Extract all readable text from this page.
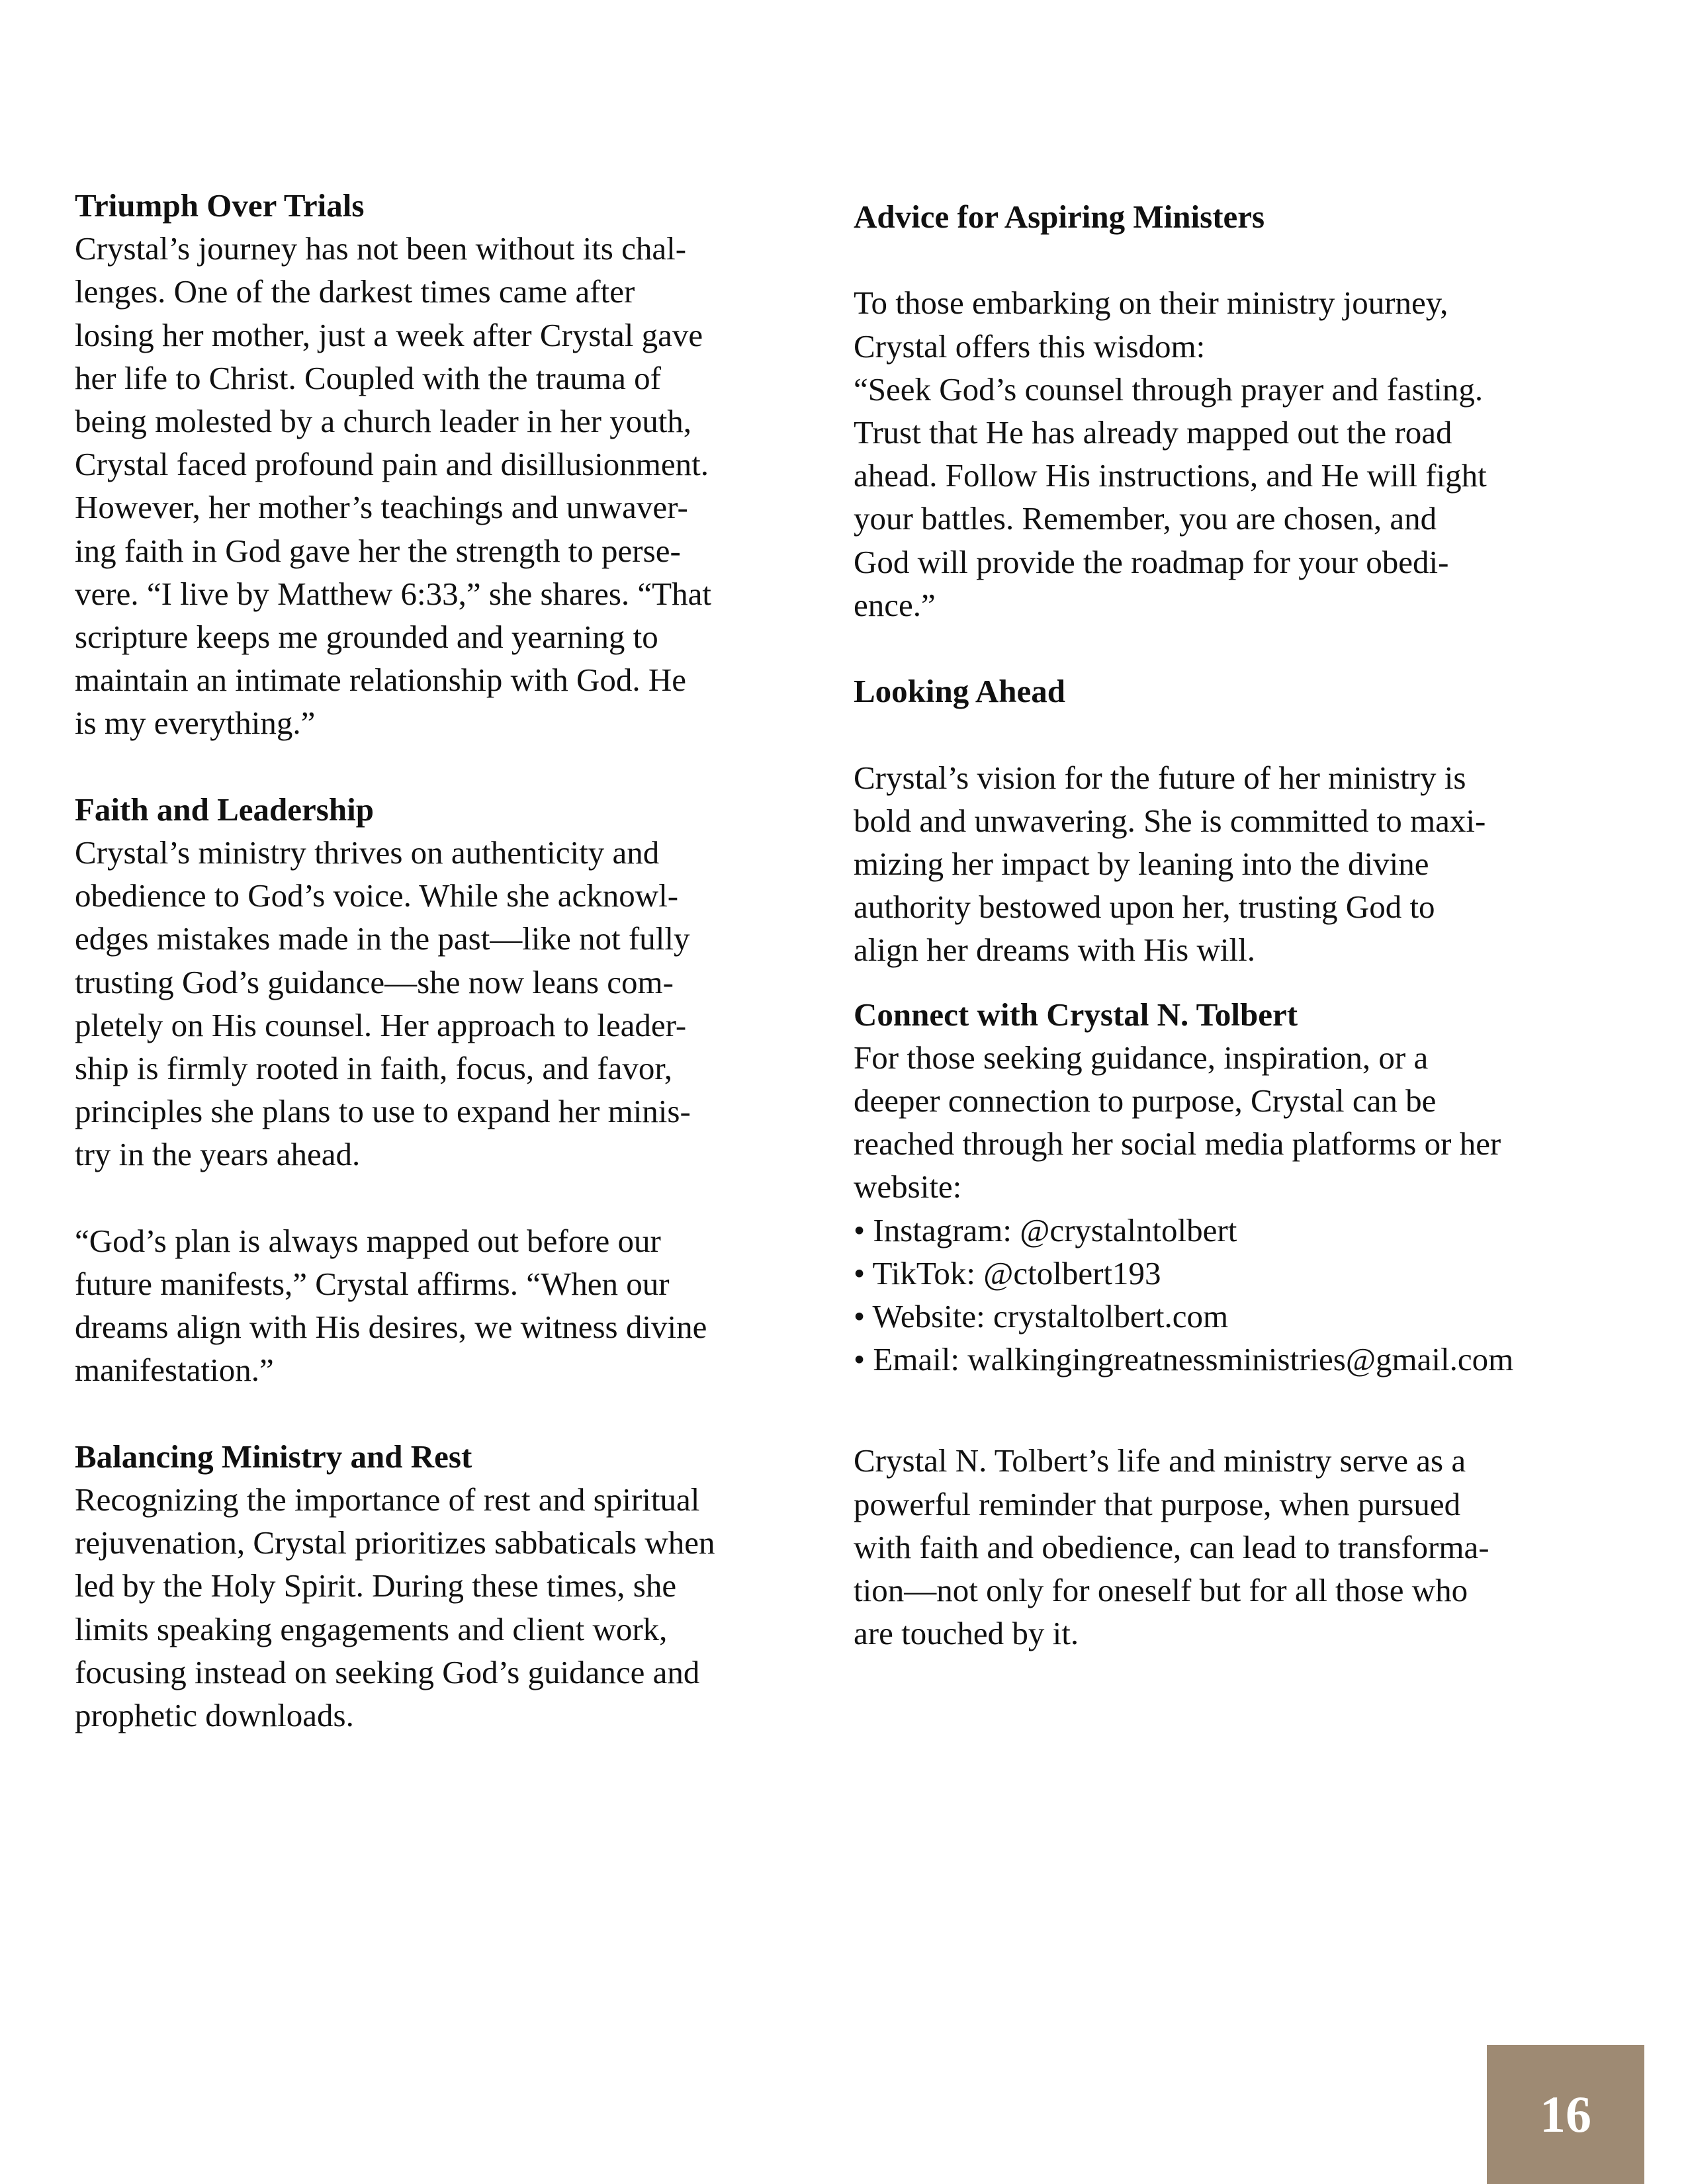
Triumph Over Trials

Crystal’s journey has not been without its chal-
lenges. One of the darkest times came after
losing her mother, just a week after Crystal gave
her life to Christ. Coupled with the trauma of
being molested by a church leader in her youth,
Crystal faced profound pain and disillusionment.
However, her mother’s teachings and unwaver-
ing faith in God gave her the strength to perse-
vere. “I live by Matthew 6:33,” she shares. “That
scripture keeps me grounded and yearning to
maintain an intimate relationship with God. He
is my everything.”

Faith and Leadership

Crystal’s ministry thrives on authenticity and
obedience to God’s voice. While she acknowl-
edges mistakes made in the past—like not fully
trusting God’s guidance—she now leans com-
pletely on His counsel. Her approach to leader-
ship is firmly rooted in faith, focus, and favor,
principles she plans to use to expand her minis-
try in the years ahead.

“God’s plan is always mapped out before our
future manifests,” Crystal affirms. “When our
dreams align with His desires, we witness divine
manifestation.”

Balancing Ministry and Rest

Recognizing the importance of rest and spiritual
rejuvenation, Crystal prioritizes sabbaticals when
led by the Holy Spirit. During these times, she
limits speaking engagements and client work,
focusing instead on seeking God’s guidance and
prophetic downloads.

Advice for Aspiring Ministers

To those embarking on their ministry journey,
Crystal offers this wisdom:
“Seek God’s counsel through prayer and fasting.
Trust that He has already mapped out the road
ahead. Follow His instructions, and He will fight
your battles. Remember, you are chosen, and
God will provide the roadmap for your obedi-
ence.”

Looking Ahead

Crystal’s vision for the future of her ministry is
bold and unwavering. She is committed to maxi-
mizing her impact by leaning into the divine
authority bestowed upon her, trusting God to
align her dreams with His will.

Connect with Crystal N. Tolbert

For those seeking guidance, inspiration, or a
deeper connection to purpose, Crystal can be
reached through her social media platforms or her
website:

• Instagram: @crystalntolbert
• TikTok: @ctolbert193
• Website: crystaltolbert.com
• Email: walkingingreatnessministries@gmail.com

Crystal N. Tolbert’s life and ministry serve as a
powerful reminder that purpose, when pursued
with faith and obedience, can lead to transforma-
tion—not only for oneself but for all those who
are touched by it.

16
